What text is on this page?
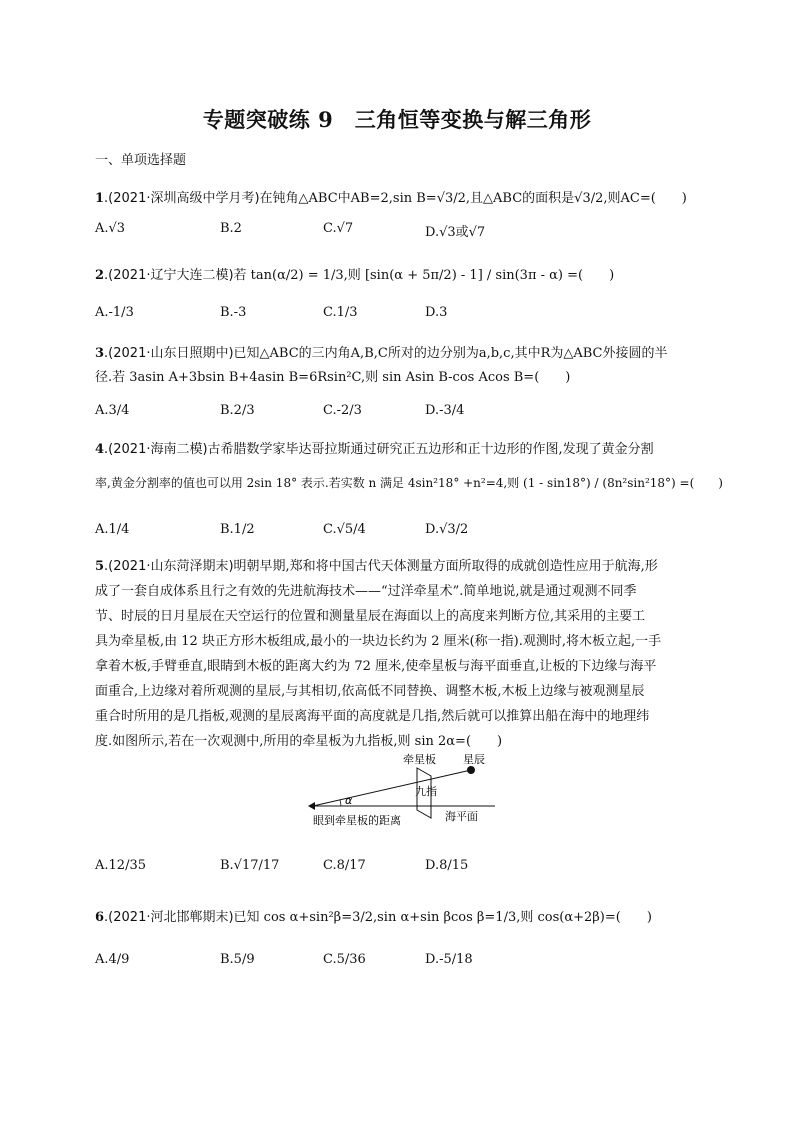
专题突破练 9　三角恒等变换与解三角形
一、单项选择题
1.(2021·深圳高级中学月考)在钝角△ABC中AB=2,sin B=√3/2,且△ABC的面积是√3/2,则AC=(　　)
A.√3	B.2	C.√7	D.√3或√7
2.(2021·辽宁大连二模)若 tan(α/2) = 1/3,则 [sin(α + 5π/2) - 1] / sin(3π - α) =(　　)
A.-1/3	B.-3	C.1/3	D.3
3.(2021·山东日照期中)已知△ABC的三内角A,B,C所对的边分别为a,b,c,其中R为△ABC外接圆的半
径.若 3asin A+3bsin B+4asin B=6Rsin²C,则 sin Asin B-cos Acos B=(　　)
A.3/4	B.2/3	C.-2/3	D.-3/4
4.(2021·海南二模)古希腊数学家毕达哥拉斯通过研究正五边形和正十边形的作图,发现了黄金分割
率,黄金分割率的值也可以用 2sin 18° 表示.若实数 n 满足 4sin²18° +n²=4,则 (1 - sin18°) / (8n²sin²18°) =(　　)
A.1/4	B.1/2	C.√5/4	D.√3/2
5.(2021·山东菏泽期末)明朝早期,郑和将中国古代天体测量方面所取得的成就创造性应用于航海,形
成了一套自成体系且行之有效的先进航海技术——“过洋牵星术”.简单地说,就是通过观测不同季
节、时辰的日月星辰在天空运行的位置和测量星辰在海面以上的高度来判断方位,其采用的主要工
具为牵星板,由 12 块正方形木板组成,最小的一块边长约为 2 厘米(称一指).观测时,将木板立起,一手
拿着木板,手臂垂直,眼睛到木板的距离大约为 72 厘米,使牵星板与海平面垂直,让板的下边缘与海平
面重合,上边缘对着所观测的星辰,与其相切,依高低不同替换、调整木板,木板上边缘与被观测星辰
重合时所用的是几指板,观测的星辰离海平面的高度就是几指,然后就可以推算出船在海中的地理纬
度.如图所示,若在一次观测中,所用的牵星板为九指板,则 sin 2α=(　　)
牵星板 星辰
九指
海平面
眼到牵星板的距离
α
A.12/35	B.√17/17	C.8/17	D.8/15
6.(2021·河北邯郸期末)已知 cos α+sin²β=3/2,sin α+sin βcos β=1/3,则 cos(α+2β)=(　　)
A.4/9	B.5/9	C.5/36	D.-5/18
